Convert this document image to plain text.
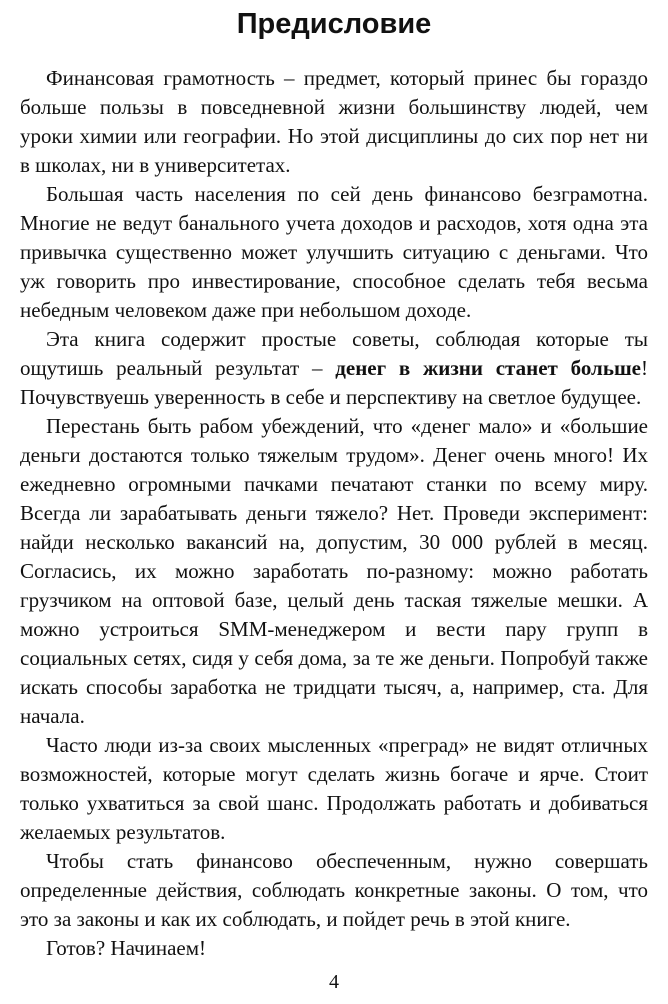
Предисловие

Финансовая грамотность – предмет, который принес бы гораздо больше пользы в повседневной жизни большинству людей, чем уроки химии или географии. Но этой дисциплины до сих пор нет ни в школах, ни в университетах.

Большая часть населения по сей день финансово безграмотна. Многие не ведут банального учета доходов и расходов, хотя одна эта привычка существенно может улучшить ситуацию с деньгами. Что уж говорить про инвестирование, способное сделать тебя весьма небедным человеком даже при небольшом доходе.

Эта книга содержит простые советы, соблюдая которые ты ощутишь реальный результат – денег в жизни станет больше! Почувствуешь уверенность в себе и перспективу на светлое будущее.

Перестань быть рабом убеждений, что «денег мало» и «большие деньги достаются только тяжелым трудом». Денег очень много! Их ежедневно огромными пачками печатают станки по всему миру. Всегда ли зарабатывать деньги тяжело? Нет. Проведи эксперимент: найди несколько вакансий на, допустим, 30 000 рублей в месяц. Согласись, их можно заработать по-разному: можно работать грузчиком на оптовой базе, целый день таская тяжелые мешки. А можно устроиться SMM-менеджером и вести пару групп в социальных сетях, сидя у себя дома, за те же деньги. Попробуй также искать способы заработка не тридцати тысяч, а, например, ста. Для начала.

Часто люди из-за своих мысленных «преград» не видят отличных возможностей, которые могут сделать жизнь богаче и ярче. Стоит только ухватиться за свой шанс. Продолжать работать и добиваться желаемых результатов.

Чтобы стать финансово обеспеченным, нужно совершать определенные действия, соблюдать конкретные законы. О том, что это за законы и как их соблюдать, и пойдет речь в этой книге.

Готов? Начинаем!

4
